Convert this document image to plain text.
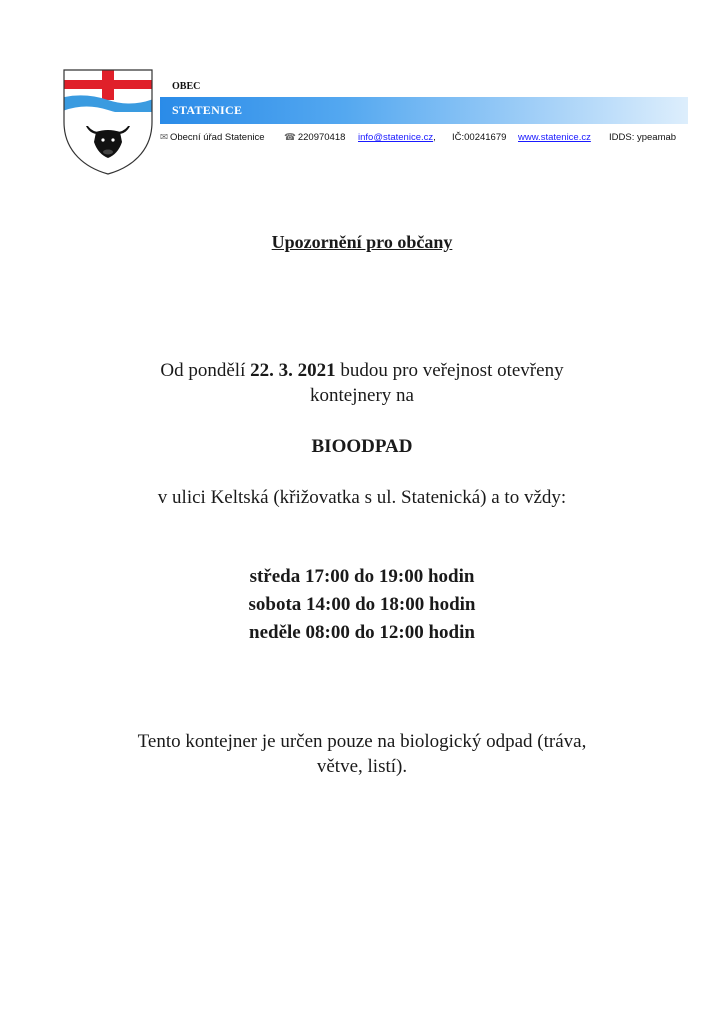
OBEC
STATENICE
✉ Obecní úřad Statenice ☎ 220970418 info@statenice.cz, IČ:00241679 www.statenice.cz IDDS: ypeamab
Upozornění pro občany
Od pondělí 22. 3. 2021 budou pro veřejnost otevřeny
kontejnery na
BIOODPAD
v ulici Keltská (křižovatka s ul. Statenická) a to vždy:
středa 17:00 do 19:00 hodin
sobota 14:00 do 18:00 hodin
neděle 08:00 do 12:00 hodin
Tento kontejner je určen pouze na biologický odpad (tráva,
větve, listí).
